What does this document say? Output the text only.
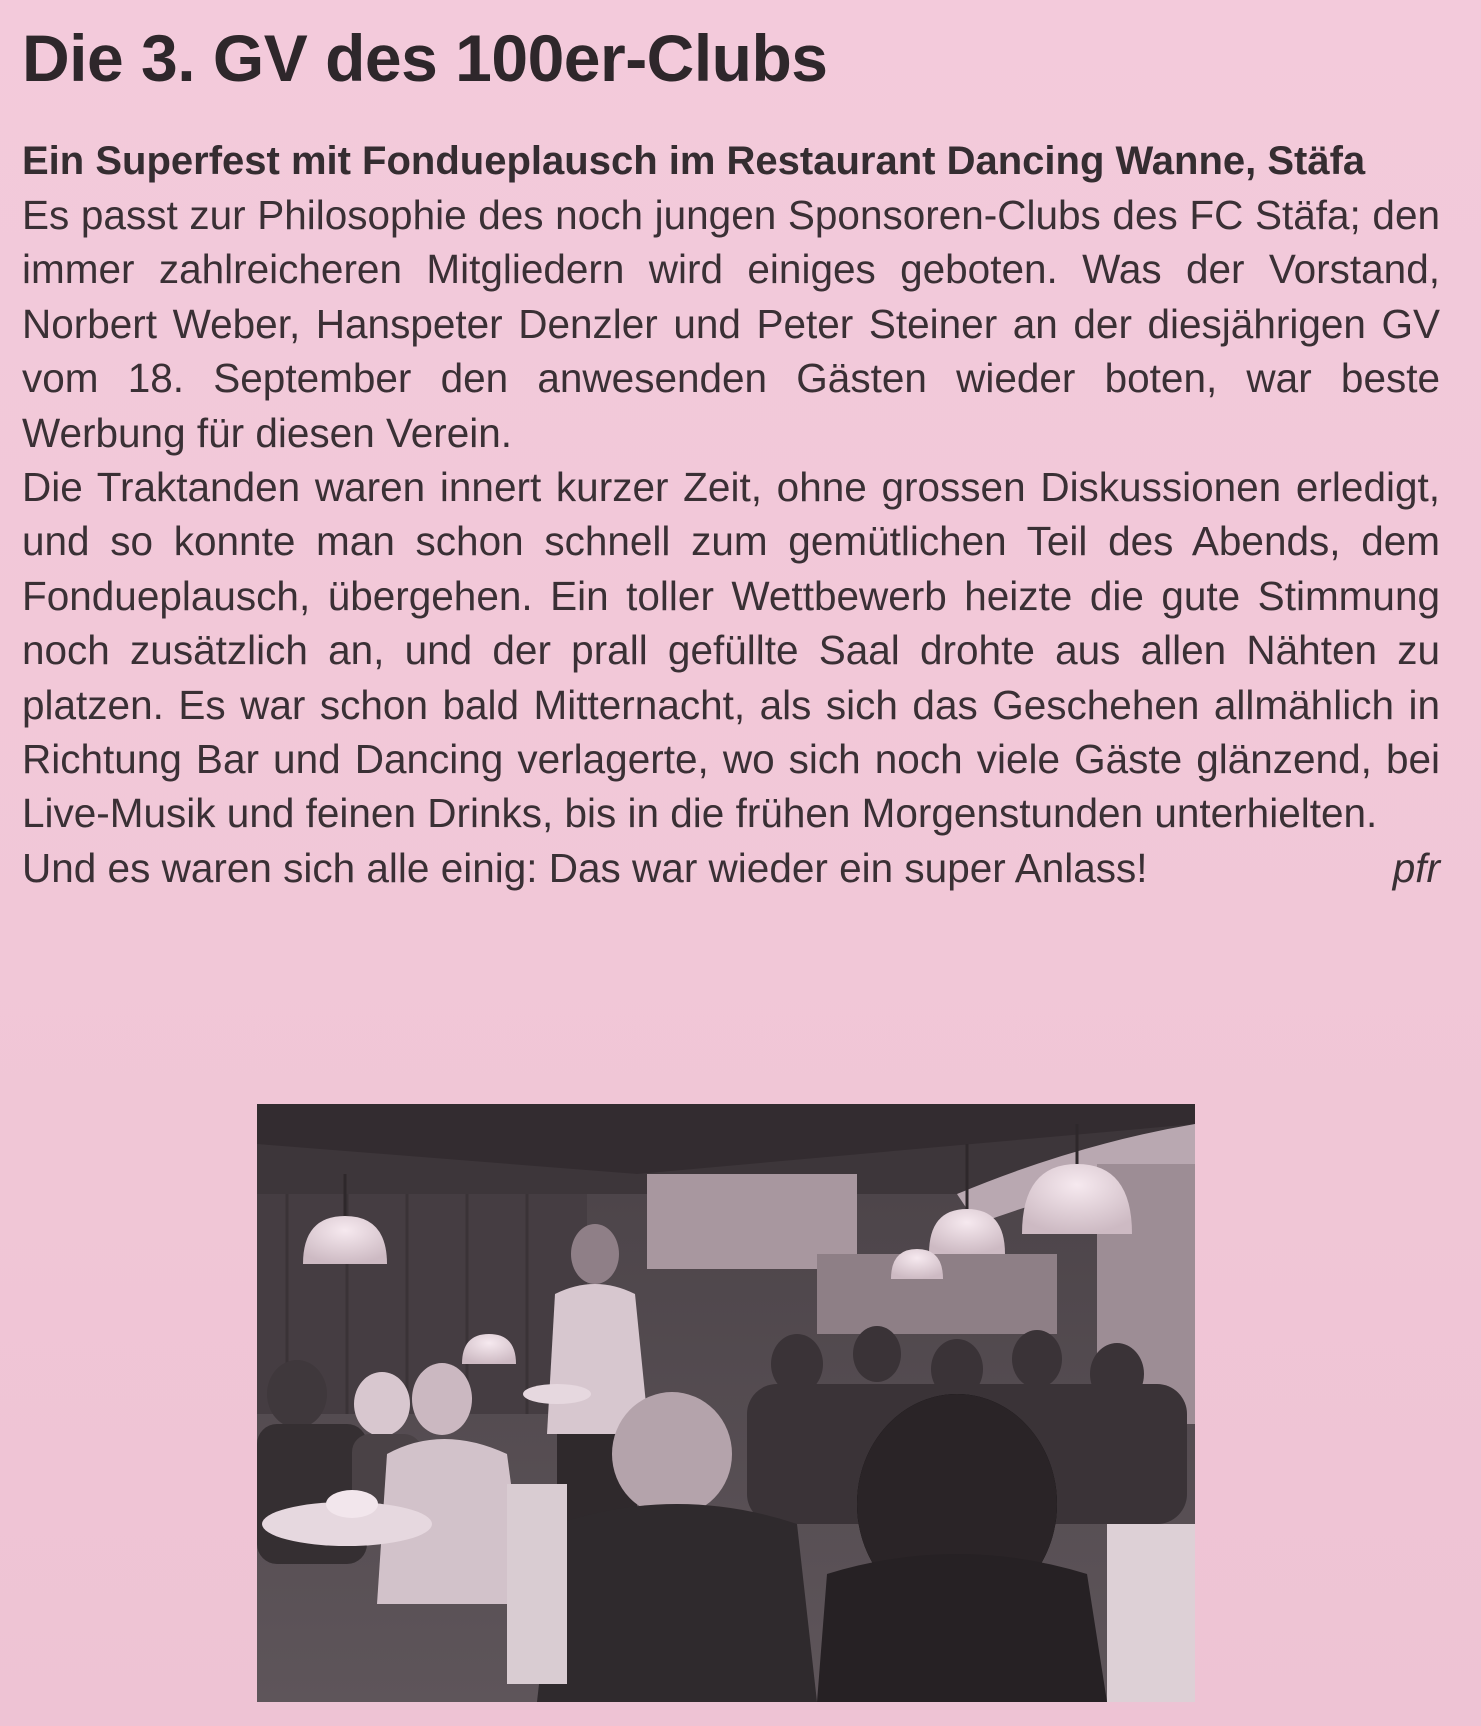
Die 3. GV des 100er-Clubs
Ein Superfest mit Fondueplausch im Restaurant Dancing Wanne, Stäfa

Es passt zur Philosophie des noch jungen Sponsoren-Clubs des FC Stäfa; den immer zahlreicheren Mitgliedern wird einiges geboten. Was der Vorstand, Norbert Weber, Hanspeter Denzler und Peter Steiner an der diesjährigen GV vom 18. September den anwesenden Gästen wieder boten, war beste Werbung für diesen Verein.

Die Traktanden waren innert kurzer Zeit, ohne grossen Diskussionen erledigt, und so konnte man schon schnell zum gemütlichen Teil des Abends, dem Fondueplausch, übergehen. Ein toller Wettbewerb heizte die gute Stimmung noch zusätzlich an, und der prall gefüllte Saal drohte aus allen Nähten zu platzen. Es war schon bald Mitternacht, als sich das Geschehen allmählich in Richtung Bar und Dancing verlagerte, wo sich noch viele Gäste glänzend, bei Live-Musik und feinen Drinks, bis in die frühen Morgenstunden unterhielten.

Und es waren sich alle einig: Das war wieder ein super Anlass!	pfr
